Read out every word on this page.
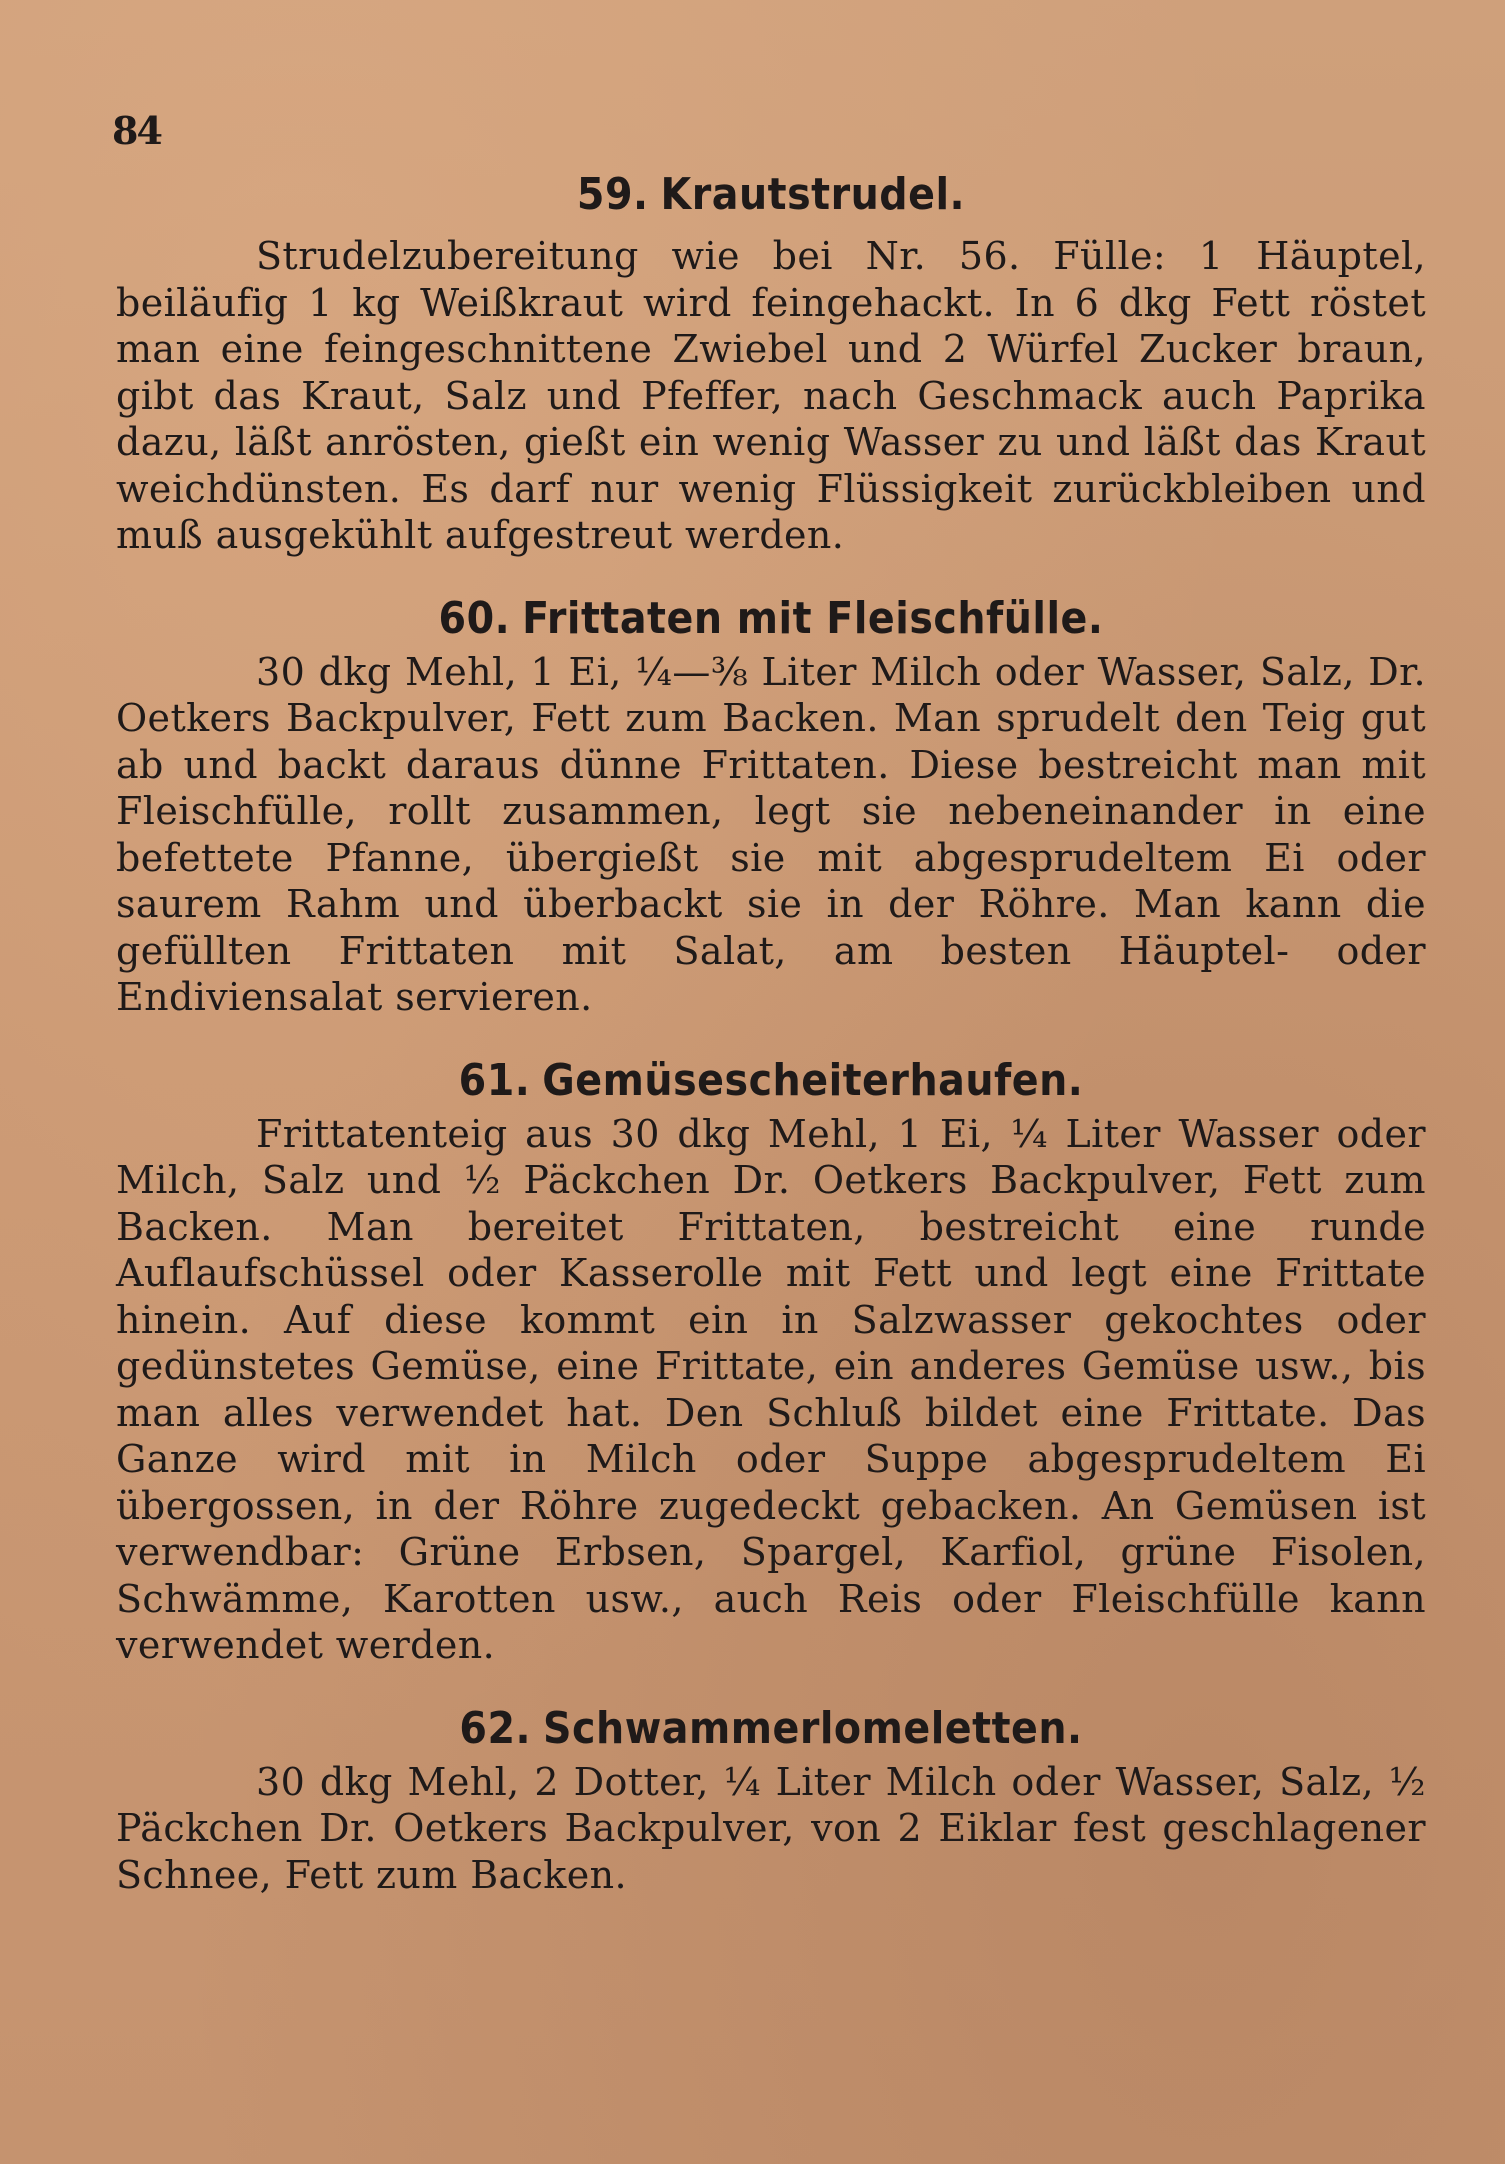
84
59. Krautstrudel.

Strudelzubereitung wie bei Nr. 56. Fülle: 1 Häuptel, beiläufig 1 kg Weißkraut wird feingehackt. In 6 dkg Fett röstet man eine feingeschnittene Zwiebel und 2 Würfel Zucker braun, gibt das Kraut, Salz und Pfeffer, nach Geschmack auch Paprika dazu, läßt anrösten, gießt ein wenig Wasser zu und läßt das Kraut weichdünsten. Es darf nur wenig Flüssigkeit zurückbleiben und muß ausgekühlt aufgestreut werden.

60. Frittaten mit Fleischfülle.

30 dkg Mehl, 1 Ei, ¼—⅜ Liter Milch oder Wasser, Salz, Dr. Oetkers Backpulver, Fett zum Backen. Man sprudelt den Teig gut ab und backt daraus dünne Frittaten. Diese bestreicht man mit Fleischfülle, rollt zusammen, legt sie nebeneinander in eine befettete Pfanne, übergießt sie mit abgesprudeltem Ei oder saurem Rahm und überbackt sie in der Röhre. Man kann die gefüllten Frittaten mit Salat, am besten Häuptel- oder Endiviensalat servieren.

61. Gemüsescheiterhaufen.

Frittatenteig aus 30 dkg Mehl, 1 Ei, ¼ Liter Wasser oder Milch, Salz und ½ Päckchen Dr. Oetkers Backpulver, Fett zum Backen. Man bereitet Frittaten, bestreicht eine runde Auflaufschüssel oder Kasserolle mit Fett und legt eine Frittate hinein. Auf diese kommt ein in Salzwasser gekochtes oder gedünstetes Gemüse, eine Frittate, ein anderes Gemüse usw., bis man alles verwendet hat. Den Schluß bildet eine Frittate. Das Ganze wird mit in Milch oder Suppe abgesprudeltem Ei übergossen, in der Röhre zugedeckt gebacken. An Gemüsen ist verwendbar: Grüne Erbsen, Spargel, Karfiol, grüne Fisolen, Schwämme, Karotten usw., auch Reis oder Fleischfülle kann verwendet werden.

62. Schwammerlomeletten.

30 dkg Mehl, 2 Dotter, ¼ Liter Milch oder Wasser, Salz, ½ Päckchen Dr. Oetkers Backpulver, von 2 Eiklar fest geschlagener Schnee, Fett zum Backen.
